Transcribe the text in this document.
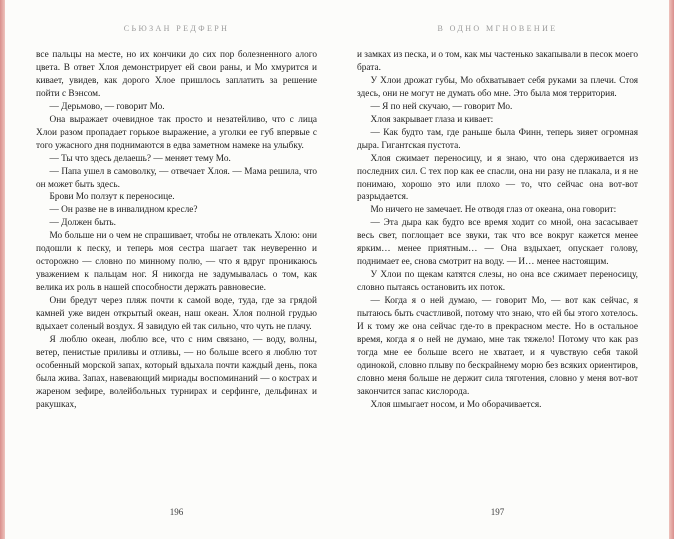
СЬЮЗАН РЕДФЕРН

все пальцы на месте, но их кончики до сих пор болезненного алого цвета. В ответ Хлоя демонстрирует ей свои раны, и Мо хмурится и кивает, увидев, как дорого Хлое пришлось заплатить за решение пойти с Вэнсом.

— Дерьмово, — говорит Мо.

Она выражает очевидное так просто и незатейливо, что с лица Хлои разом пропадает горькое выражение, а уголки ее губ впервые с того ужасного дня поднимаются в едва заметном намеке на улыбку.

— Ты что здесь делаешь? — меняет тему Мо.

— Папа ушел в самоволку, — отвечает Хлоя. — Мама решила, что он может быть здесь.

Брови Мо ползут к переносице.

— Он разве не в инвалидном кресле?

— Должен быть.

Мо больше ни о чем не спрашивает, чтобы не отвлекать Хлою: они подошли к песку, и теперь моя сестра шагает так неуверенно и осторожно — словно по минному полю, — что я вдруг проникаюсь уважением к пальцам ног. Я никогда не задумывалась о том, как велика их роль в нашей способности держать равновесие.

Они бредут через пляж почти к самой воде, туда, где за грядой камней уже виден открытый океан, наш океан. Хлоя полной грудью вдыхает соленый воздух. Я завидую ей так сильно, что чуть не плачу.

Я люблю океан, люблю все, что с ним связано, — воду, волны, ветер, пенистые приливы и отливы, — но больше всего я люблю тот особенный морской запах, который вдыхала почти каждый день, пока была жива. Запах, навевающий мириады воспоминаний — о кострах и жареном зефире, волейбольных турнирах и серфинге, дельфинах и ракушках,

196
В ОДНО МГНОВЕНИЕ

и замках из песка, и о том, как мы частенько закапывали в песок моего брата.

У Хлои дрожат губы, Мо обхватывает себя руками за плечи. Стоя здесь, они не могут не думать обо мне. Это была моя территория.

— Я по ней скучаю, — говорит Мо.

Хлоя закрывает глаза и кивает:

— Как будто там, где раньше была Финн, теперь зияет огромная дыра. Гигантская пустота.

Хлоя сжимает переносицу, и я знаю, что она сдерживается из последних сил. С тех пор как ее спасли, она ни разу не плакала, и я не понимаю, хорошо это или плохо — то, что сейчас она вот-вот разрыдается.

Мо ничего не замечает. Не отводя глаз от океана, она говорит:

— Эта дыра как будто все время ходит со мной, она засасывает весь свет, поглощает все звуки, так что все вокруг кажется менее ярким… менее приятным… — Она вздыхает, опускает голову, поднимает ее, снова смотрит на воду. — И… менее настоящим.

У Хлои по щекам катятся слезы, но она все сжимает переносицу, словно пытаясь остановить их поток.

— Когда я о ней думаю, — говорит Мо, — вот как сейчас, я пытаюсь быть счастливой, потому что знаю, что ей бы этого хотелось. И к тому же она сейчас где-то в прекрасном месте. Но в остальное время, когда я о ней не думаю, мне так тяжело! Потому что как раз тогда мне ее больше всего не хватает, и я чувствую себя такой одинокой, словно плыву по бескрайнему морю без всяких ориентиров, словно меня больше не держит сила тяготения, словно у меня вот-вот закончится запас кислорода.

Хлоя шмыгает носом, и Мо оборачивается.

197
